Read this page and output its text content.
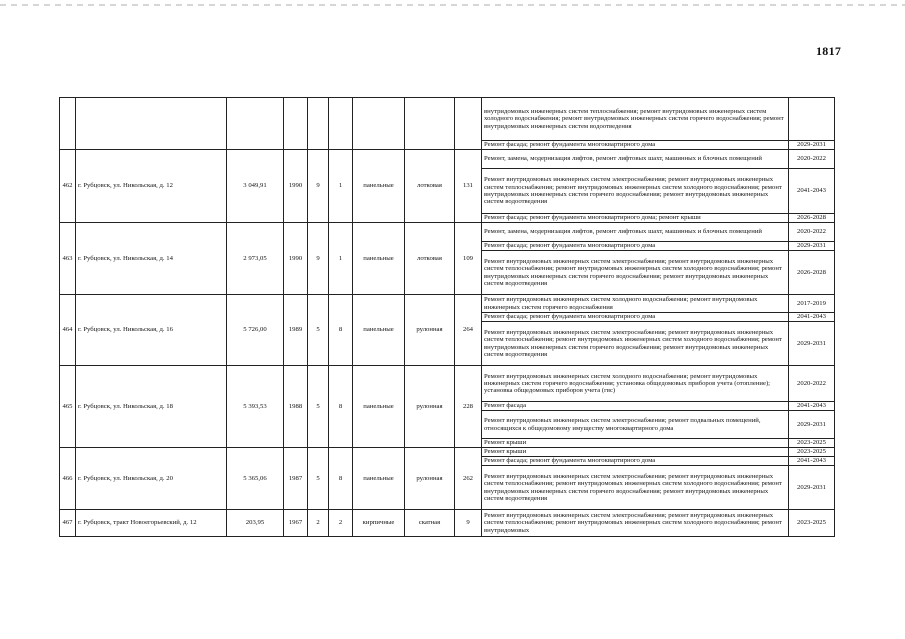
1817
									внутридомовых инженерных систем теплоснабжения; ремонт внутридомовых инженерных систем холодного водоснабжения; ремонт внутридомовых инженерных систем горячего водоснабжения; ремонт внутридомовых инженерных систем водоотведения	
									Ремонт фасада; ремонт фундамента многоквартирного дома	2029-2031
462	г. Рубцовск, ул. Никольская, д. 12	3 049,91	1990	9	1	панельные	лотковая	131	Ремонт, замена, модернизация лифтов, ремонт лифтовых шахт, машинных и блочных помещений	2020-2022
									Ремонт внутридомовых инженерных систем электроснабжения; ремонт внутридомовых инженерных систем теплоснабжения; ремонт внутридомовых инженерных систем холодного водоснабжения; ремонт внутридомовых инженерных систем горячего водоснабжения; ремонт внутридомовых инженерных систем водоотведения	2041-2043
									Ремонт фасада; ремонт фундамента многоквартирного дома; ремонт крыши	2026-2028
463	г. Рубцовск, ул. Никольская, д. 14	2 973,05	1990	9	1	панельные	лотковая	109	Ремонт, замена, модернизация лифтов, ремонт лифтовых шахт, машинных и блочных помещений	2020-2022
									Ремонт фасада; ремонт фундамента многоквартирного дома	2029-2031
									Ремонт внутридомовых инженерных систем электроснабжения; ремонт внутридомовых инженерных систем теплоснабжения; ремонт внутридомовых инженерных систем холодного водоснабжения; ремонт внутридомовых инженерных систем горячего водоснабжения; ремонт внутридомовых инженерных систем водоотведения	2026-2028
464	г. Рубцовск, ул. Никольская, д. 16	5 726,00	1989	5	8	панельные	рулонная	264	Ремонт внутридомовых инженерных систем холодного водоснабжения; ремонт внутридомовых инженерных систем горячего водоснабжения	2017-2019
									Ремонт фасада; ремонт фундамента многоквартирного дома	2041-2043
									Ремонт внутридомовых инженерных систем электроснабжения; ремонт внутридомовых инженерных систем теплоснабжения; ремонт внутридомовых инженерных систем холодного водоснабжения; ремонт внутридомовых инженерных систем горячего водоснабжения; ремонт внутридомовых инженерных систем водоотведения	2029-2031
465	г. Рубцовск, ул. Никольская, д. 18	5 393,53	1988	5	8	панельные	рулонная	228	Ремонт внутридомовых инженерных систем холодного водоснабжения; ремонт внутридомовых инженерных систем горячего водоснабжения; установка общедомовых приборов учета (отопление); установка общедомовых приборов учета (гвс)	2020-2022
									Ремонт фасада	2041-2043
									Ремонт внутридомовых инженерных систем электроснабжения; ремонт подвальных помещений, относящихся к общедомовому имуществу многоквартирного дома	2029-2031
									Ремонт крыши	2023-2025
466	г. Рубцовск, ул. Никольская, д. 20	5 365,06	1987	5	8	панельные	рулонная	262	Ремонт крыши	2023-2025
									Ремонт фасада; ремонт фундамента многоквартирного дома	2041-2043
									Ремонт внутридомовых инженерных систем электроснабжения; ремонт внутридомовых инженерных систем теплоснабжения; ремонт внутридомовых инженерных систем холодного водоснабжения; ремонт внутридомовых инженерных систем горячего водоснабжения; ремонт внутридомовых инженерных систем водоотведения	2029-2031
467	г. Рубцовск, тракт Новоегорьевский, д. 12	203,95	1967	2	2	кирпичные	скатная	9	Ремонт внутридомовых инженерных систем электроснабжения; ремонт внутридомовых инженерных систем теплоснабжения; ремонт внутридомовых инженерных систем холодного водоснабжения; ремонт внутридомовых	2023-2025
